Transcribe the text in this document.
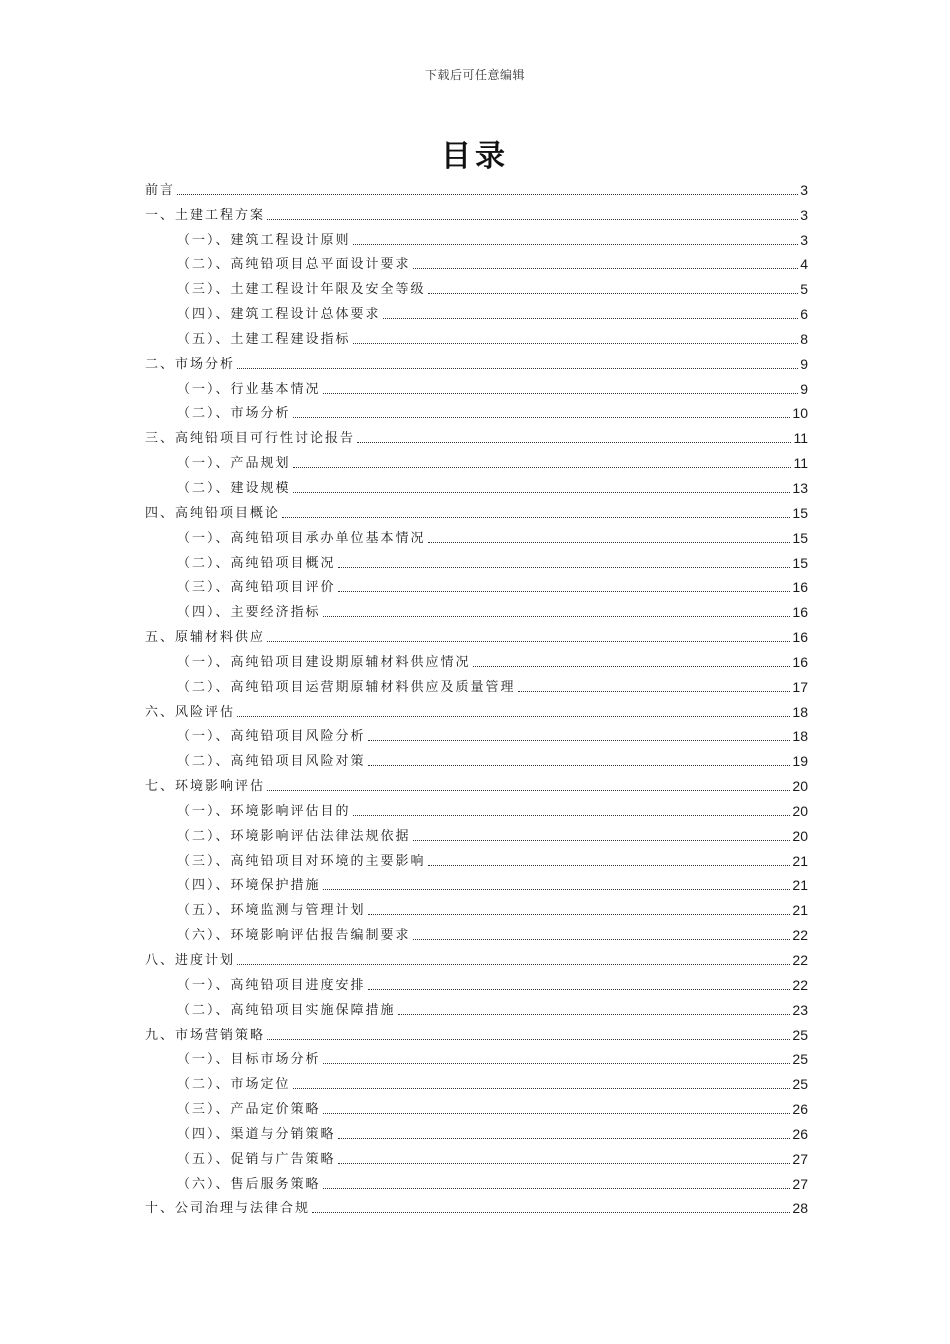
下载后可任意编辑
目录
前言	3
一、土建工程方案	3
（一）、建筑工程设计原则	3
（二）、高纯铅项目总平面设计要求	4
（三）、土建工程设计年限及安全等级	5
（四）、建筑工程设计总体要求	6
（五）、土建工程建设指标	8
二、市场分析	9
（一）、行业基本情况	9
（二）、市场分析	10
三、高纯铅项目可行性讨论报告	11
（一）、产品规划	11
（二）、建设规模	13
四、高纯铅项目概论	15
（一）、高纯铅项目承办单位基本情况	15
（二）、高纯铅项目概况	15
（三）、高纯铅项目评价	16
（四）、主要经济指标	16
五、原辅材料供应	16
（一）、高纯铅项目建设期原辅材料供应情况	16
（二）、高纯铅项目运营期原辅材料供应及质量管理	17
六、风险评估	18
（一）、高纯铅项目风险分析	18
（二）、高纯铅项目风险对策	19
七、环境影响评估	20
（一）、环境影响评估目的	20
（二）、环境影响评估法律法规依据	20
（三）、高纯铅项目对环境的主要影响	21
（四）、环境保护措施	21
（五）、环境监测与管理计划	21
（六）、环境影响评估报告编制要求	22
八、进度计划	22
（一）、高纯铅项目进度安排	22
（二）、高纯铅项目实施保障措施	23
九、市场营销策略	25
（一）、目标市场分析	25
（二）、市场定位	25
（三）、产品定价策略	26
（四）、渠道与分销策略	26
（五）、促销与广告策略	27
（六）、售后服务策略	27
十、公司治理与法律合规	28
